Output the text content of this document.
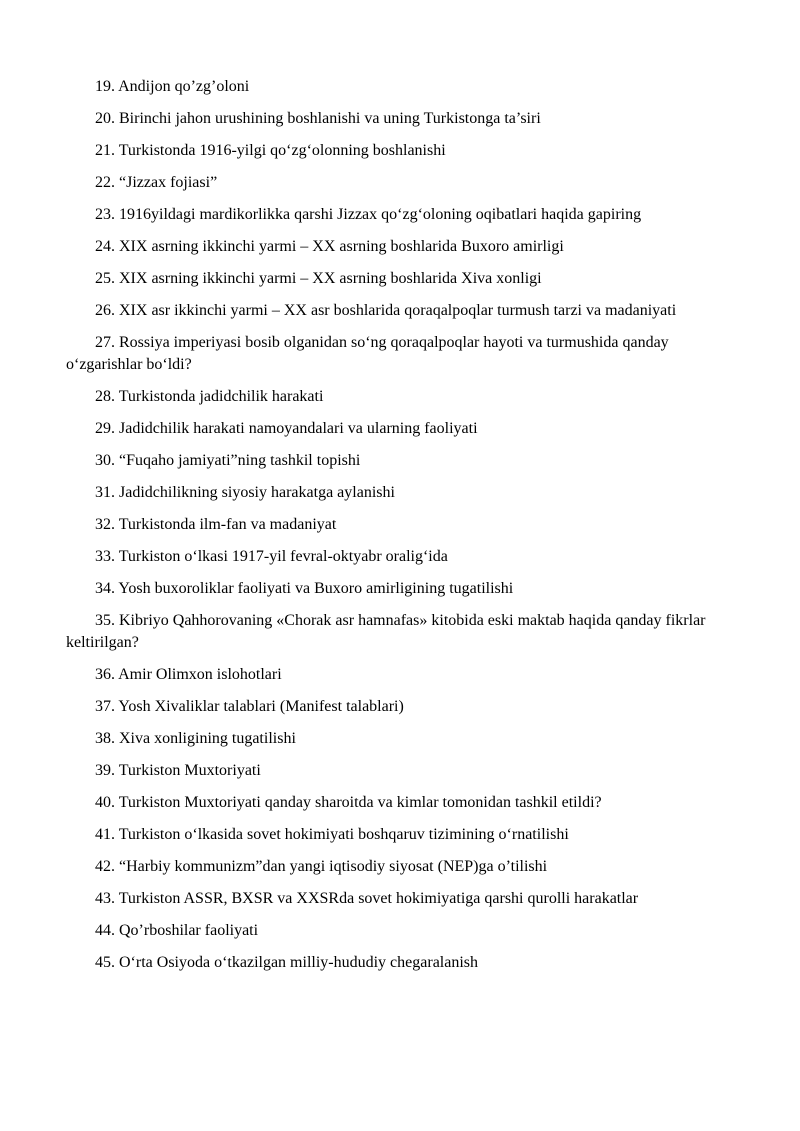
19. Andijon qo’zg’oloni

20. Birinchi jahon urushining boshlanishi va uning Turkistonga ta’siri

21. Turkistonda 1916-yilgi qo‘zg‘olonning boshlanishi

22. “Jizzax fojiasi”

23. 1916yildagi mardikorlikka qarshi Jizzax qo‘zg‘oloning oqibatlari haqida gapiring

24. XIX asrning ikkinchi yarmi – XX asrning boshlarida Buxoro amirligi

25. XIX asrning ikkinchi yarmi – XX asrning boshlarida Xiva xonligi

26. XIX asr ikkinchi yarmi – XX asr boshlarida qoraqalpoqlar turmush tarzi va madaniyati

27. Rossiya imperiyasi bosib olganidan so‘ng qoraqalpoqlar hayoti va turmushida qanday o‘zgarishlar bo‘ldi?

28. Turkistonda jadidchilik harakati

29. Jadidchilik harakati namoyandalari va ularning faoliyati

30. “Fuqaho jamiyati”ning tashkil topishi

31. Jadidchilikning siyosiy harakatga aylanishi

32. Turkistonda ilm-fan va madaniyat

33. Turkiston o‘lkasi 1917-yil fevral-oktyabr oralig‘ida

34. Yosh buxoroliklar faoliyati va Buxoro amirligining tugatilishi

35. Kibriyo Qahhorovaning «Chorak asr hamnafas» kitobida eski maktab haqida qanday fikrlar keltirilgan?

36. Amir Olimxon islohotlari

37. Yosh Xivaliklar talablari (Manifest talablari)

38. Xiva xonligining tugatilishi

39. Turkiston Muxtoriyati

40. Turkiston Muxtoriyati qanday sharoitda va kimlar tomonidan tashkil etildi?

41. Turkiston o‘lkasida sovet hokimiyati boshqaruv tizimining o‘rnatilishi

42. “Harbiy kommunizm”dan yangi iqtisodiy siyosat (NEP)ga o’tilishi

43. Turkiston ASSR, BXSR va XXSRda sovet hokimiyatiga qarshi qurolli harakatlar

44. Qo’rboshilar faoliyati

45. O‘rta Osiyoda o‘tkazilgan milliy-hududiy chegaralanish
